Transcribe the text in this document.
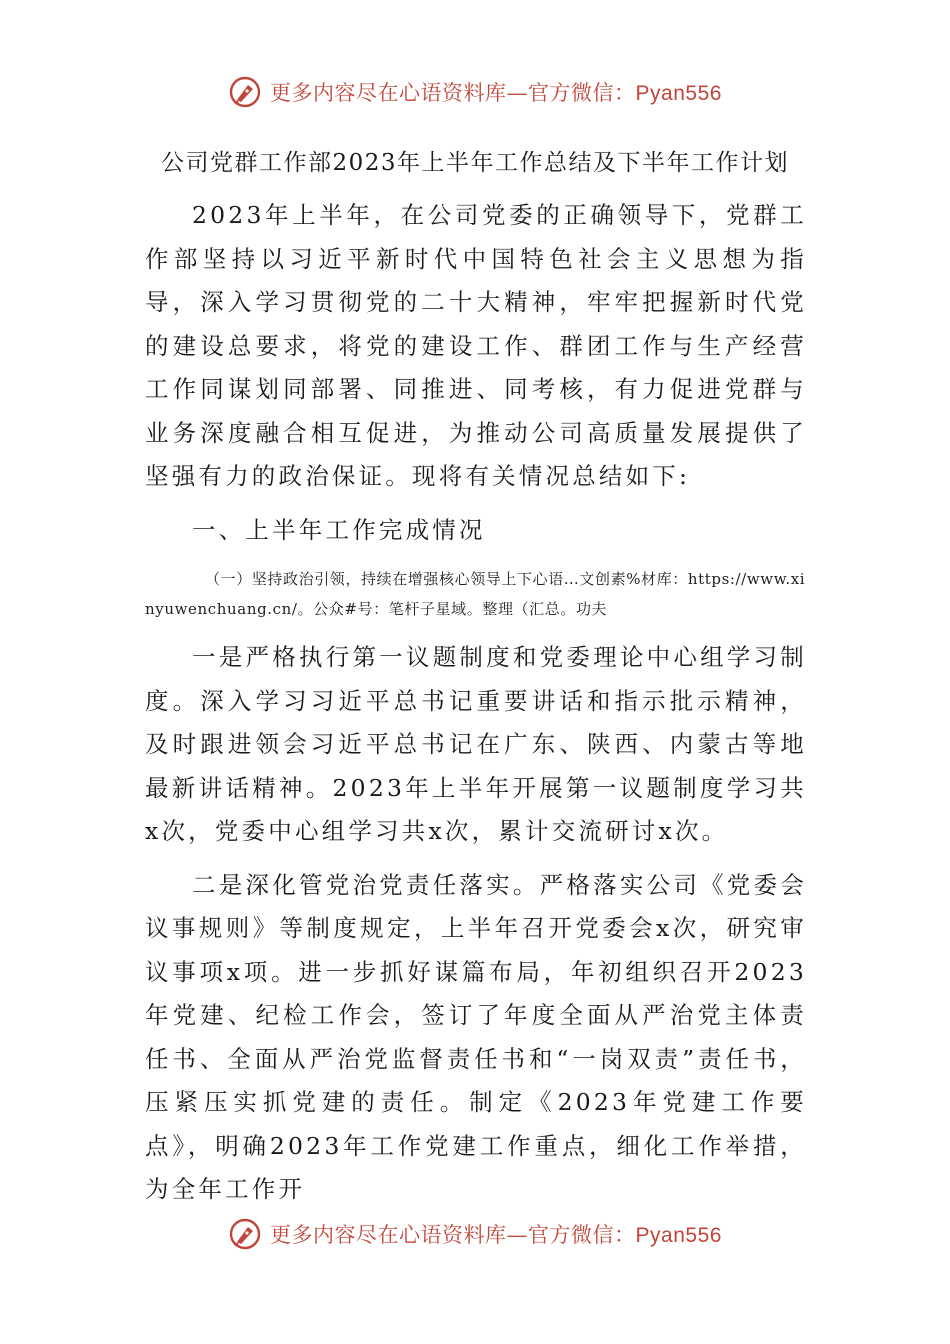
更多内容尽在心语资料库—官方微信：Pyan556
公司党群工作部2023年上半年工作总结及下半年工作计划

2023年上半年，在公司党委的正确领导下，党群工作部坚持以习近平新时代中国特色社会主义思想为指导，深入学习贯彻党的二十大精神，牢牢把握新时代党的建设总要求，将党的建设工作、群团工作与生产经营工作同谋划同部署、同推进、同考核，有力促进党群与业务深度融合相互促进，为推动公司高质量发展提供了坚强有力的政治保证。现将有关情况总结如下:

一、上半年工作完成情况

（一）坚持政治引领，持续在增强核心领导上下心语…文创素%材库：https://www.xinyuwenchuang.cn/。公众#号：笔杆子星域。整理（汇总。功夫

一是严格执行第一议题制度和党委理论中心组学习制度。深入学习习近平总书记重要讲话和指示批示精神，及时跟进领会习近平总书记在广东、陕西、内蒙古等地最新讲话精神。2023年上半年开展第一议题制度学习共x次，党委中心组学习共x次，累计交流研讨x次。

二是深化管党治党责任落实。严格落实公司《党委会议事规则》等制度规定，上半年召开党委会x次，研究审议事项x项。进一步抓好谋篇布局，年初组织召开2023年党建、纪检工作会，签订了年度全面从严治党主体责任书、全面从严治党监督责任书和“一岗双责”责任书，压紧压实抓党建的责任。制定《2023年党建工作要点》，明确2023年工作党建工作重点，细化工作举措，为全年工作开

更多内容尽在心语资料库—官方微信：Pyan556
